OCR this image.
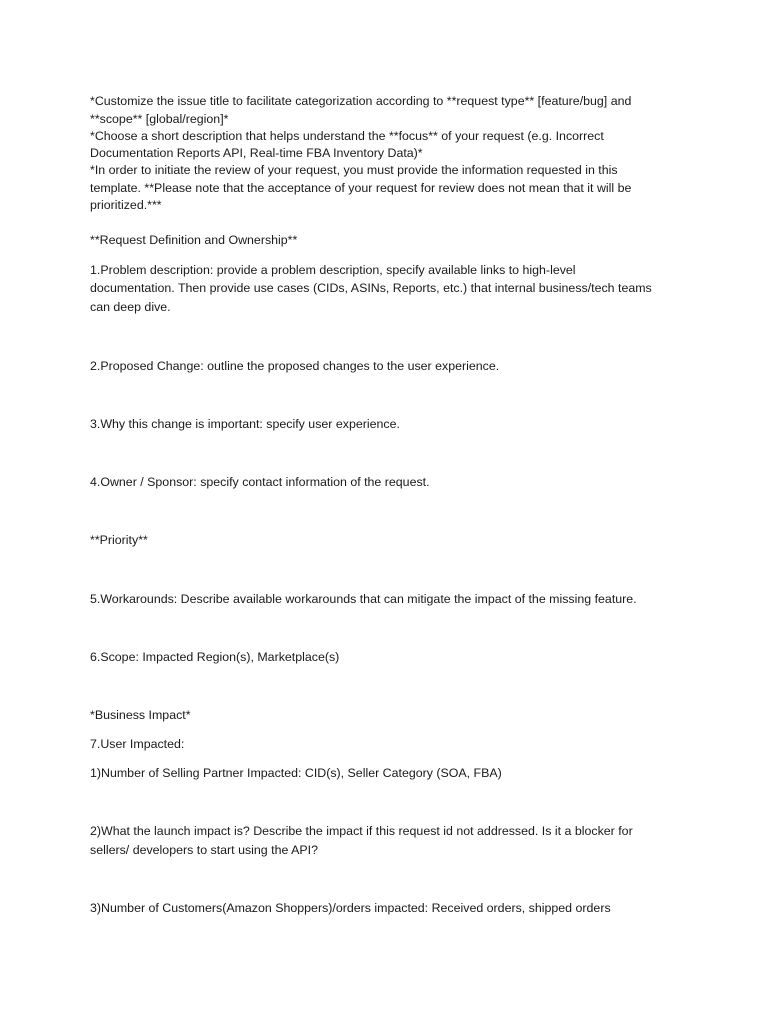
*Customize the issue title to facilitate categorization according to **request type** [feature/bug] and
**scope** [global/region]*
*Choose a short description that helps understand the **focus** of your request (e.g. Incorrect
Documentation Reports API, Real-time FBA Inventory Data)*
*In order to initiate the review of your request, you must provide the information requested in this
template. **Please note that the acceptance of your request for review does not mean that it will be
prioritized.***
**Request Definition and Ownership**
1.Problem description: provide a problem description, specify available links to high-level
documentation. Then provide use cases (CIDs, ASINs, Reports, etc.) that internal business/tech teams
can deep dive.
2.Proposed Change: outline the proposed changes to the user experience.
3.Why this change is important: specify user experience.
4.Owner / Sponsor: specify contact information of the request.
**Priority**
5.Workarounds: Describe available workarounds that can mitigate the impact of the missing feature.
6.Scope: Impacted Region(s), Marketplace(s)
*Business Impact*
7.User Impacted:
1)Number of Selling Partner Impacted: CID(s), Seller Category (SOA, FBA)
2)What the launch impact is? Describe the impact if this request id not addressed. Is it a blocker for
sellers/ developers to start using the API?
3)Number of Customers(Amazon Shoppers)/orders impacted: Received orders, shipped orders
